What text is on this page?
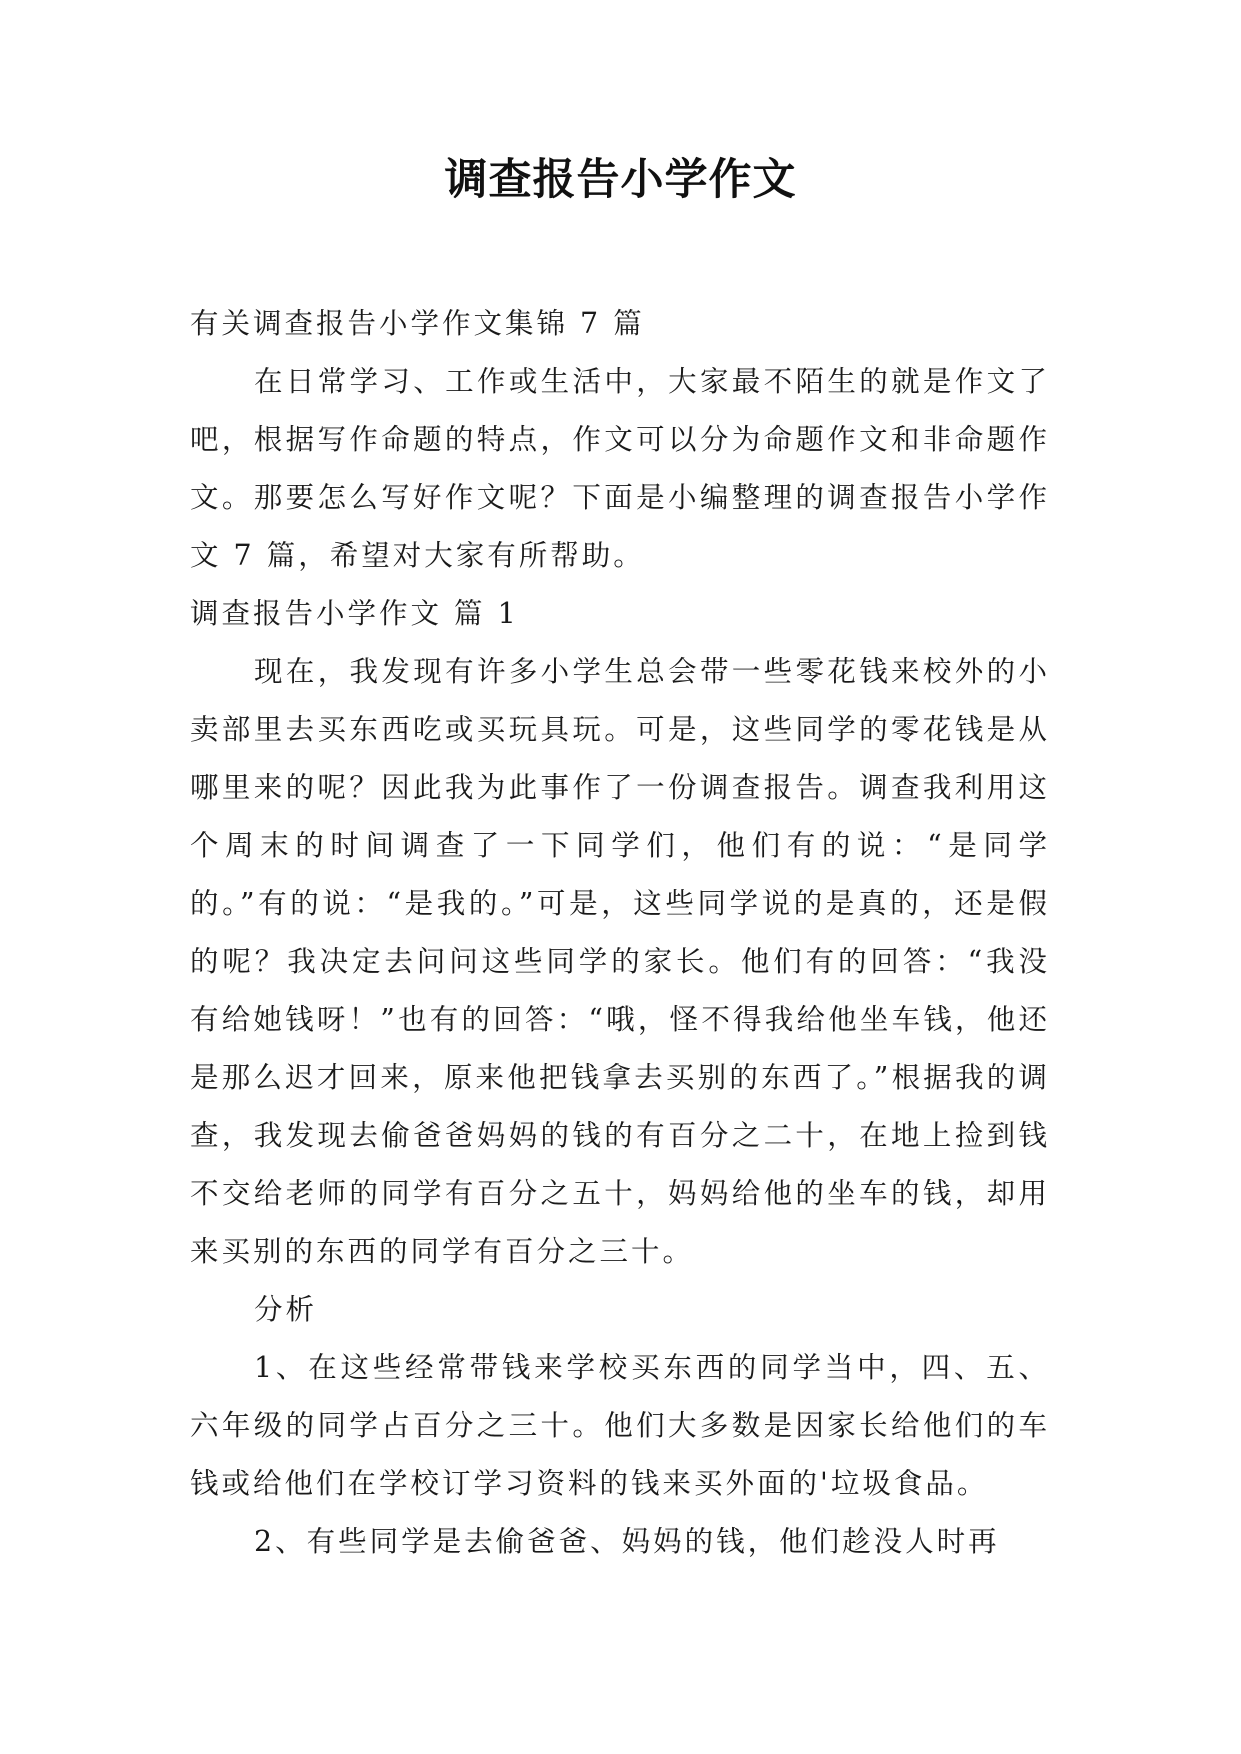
调查报告小学作文

有关调查报告小学作文集锦 7 篇

在日常学习、工作或生活中，大家最不陌生的就是作文了吧，根据写作命题的特点，作文可以分为命题作文和非命题作文。那要怎么写好作文呢？下面是小编整理的调查报告小学作文 7 篇，希望对大家有所帮助。

调查报告小学作文 篇 1

现在，我发现有许多小学生总会带一些零花钱来校外的小卖部里去买东西吃或买玩具玩。可是，这些同学的零花钱是从哪里来的呢？因此我为此事作了一份调查报告。调查我利用这个周末的时间调查了一下同学们，他们有的说：“是同学的。”有的说：“是我的。”可是，这些同学说的是真的，还是假的呢？我决定去问问这些同学的家长。他们有的回答：“我没有给她钱呀！”也有的回答：“哦，怪不得我给他坐车钱，他还是那么迟才回来，原来他把钱拿去买别的东西了。”根据我的调查，我发现去偷爸爸妈妈的钱的有百分之二十，在地上捡到钱不交给老师的同学有百分之五十，妈妈给他的坐车的钱，却用来买别的东西的同学有百分之三十。

分析

1、在这些经常带钱来学校买东西的同学当中，四、五、六年级的同学占百分之三十。他们大多数是因家长给他们的车钱或给他们在学校订学习资料的钱来买外面的'垃圾食品。

2、有些同学是去偷爸爸、妈妈的钱，他们趁没人时再
